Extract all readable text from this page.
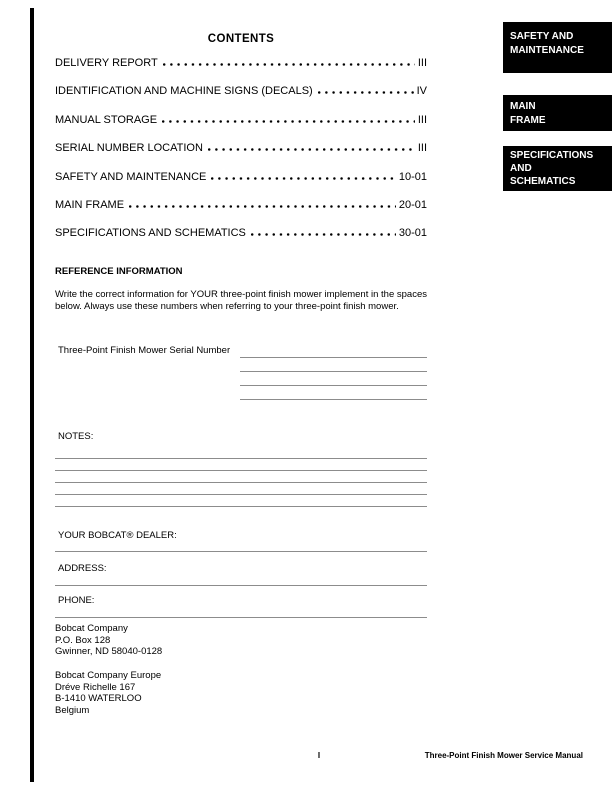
CONTENTS
DELIVERY REPORT	III
IDENTIFICATION AND MACHINE SIGNS (DECALS)	IV
MANUAL STORAGE	III
SERIAL NUMBER LOCATION	III
SAFETY AND MAINTENANCE	10-01
MAIN FRAME	20-01
SPECIFICATIONS AND SCHEMATICS	30-01
SAFETY AND
MAINTENANCE
MAIN
FRAME
SPECIFICATIONS
AND
SCHEMATICS
REFERENCE INFORMATION
Write the correct information for YOUR three-point finish mower implement in the spaces below. Always use these numbers when referring to your three-point finish mower.
Three-Point Finish Mower Serial Number
NOTES:
YOUR BOBCAT® DEALER:
ADDRESS:
PHONE:
Bobcat Company
P.O. Box 128
Gwinner, ND 58040-0128
Bobcat Company Europe
Dréve Richelle 167
B-1410 WATERLOO
Belgium
I	Three-Point Finish Mower Service Manual
